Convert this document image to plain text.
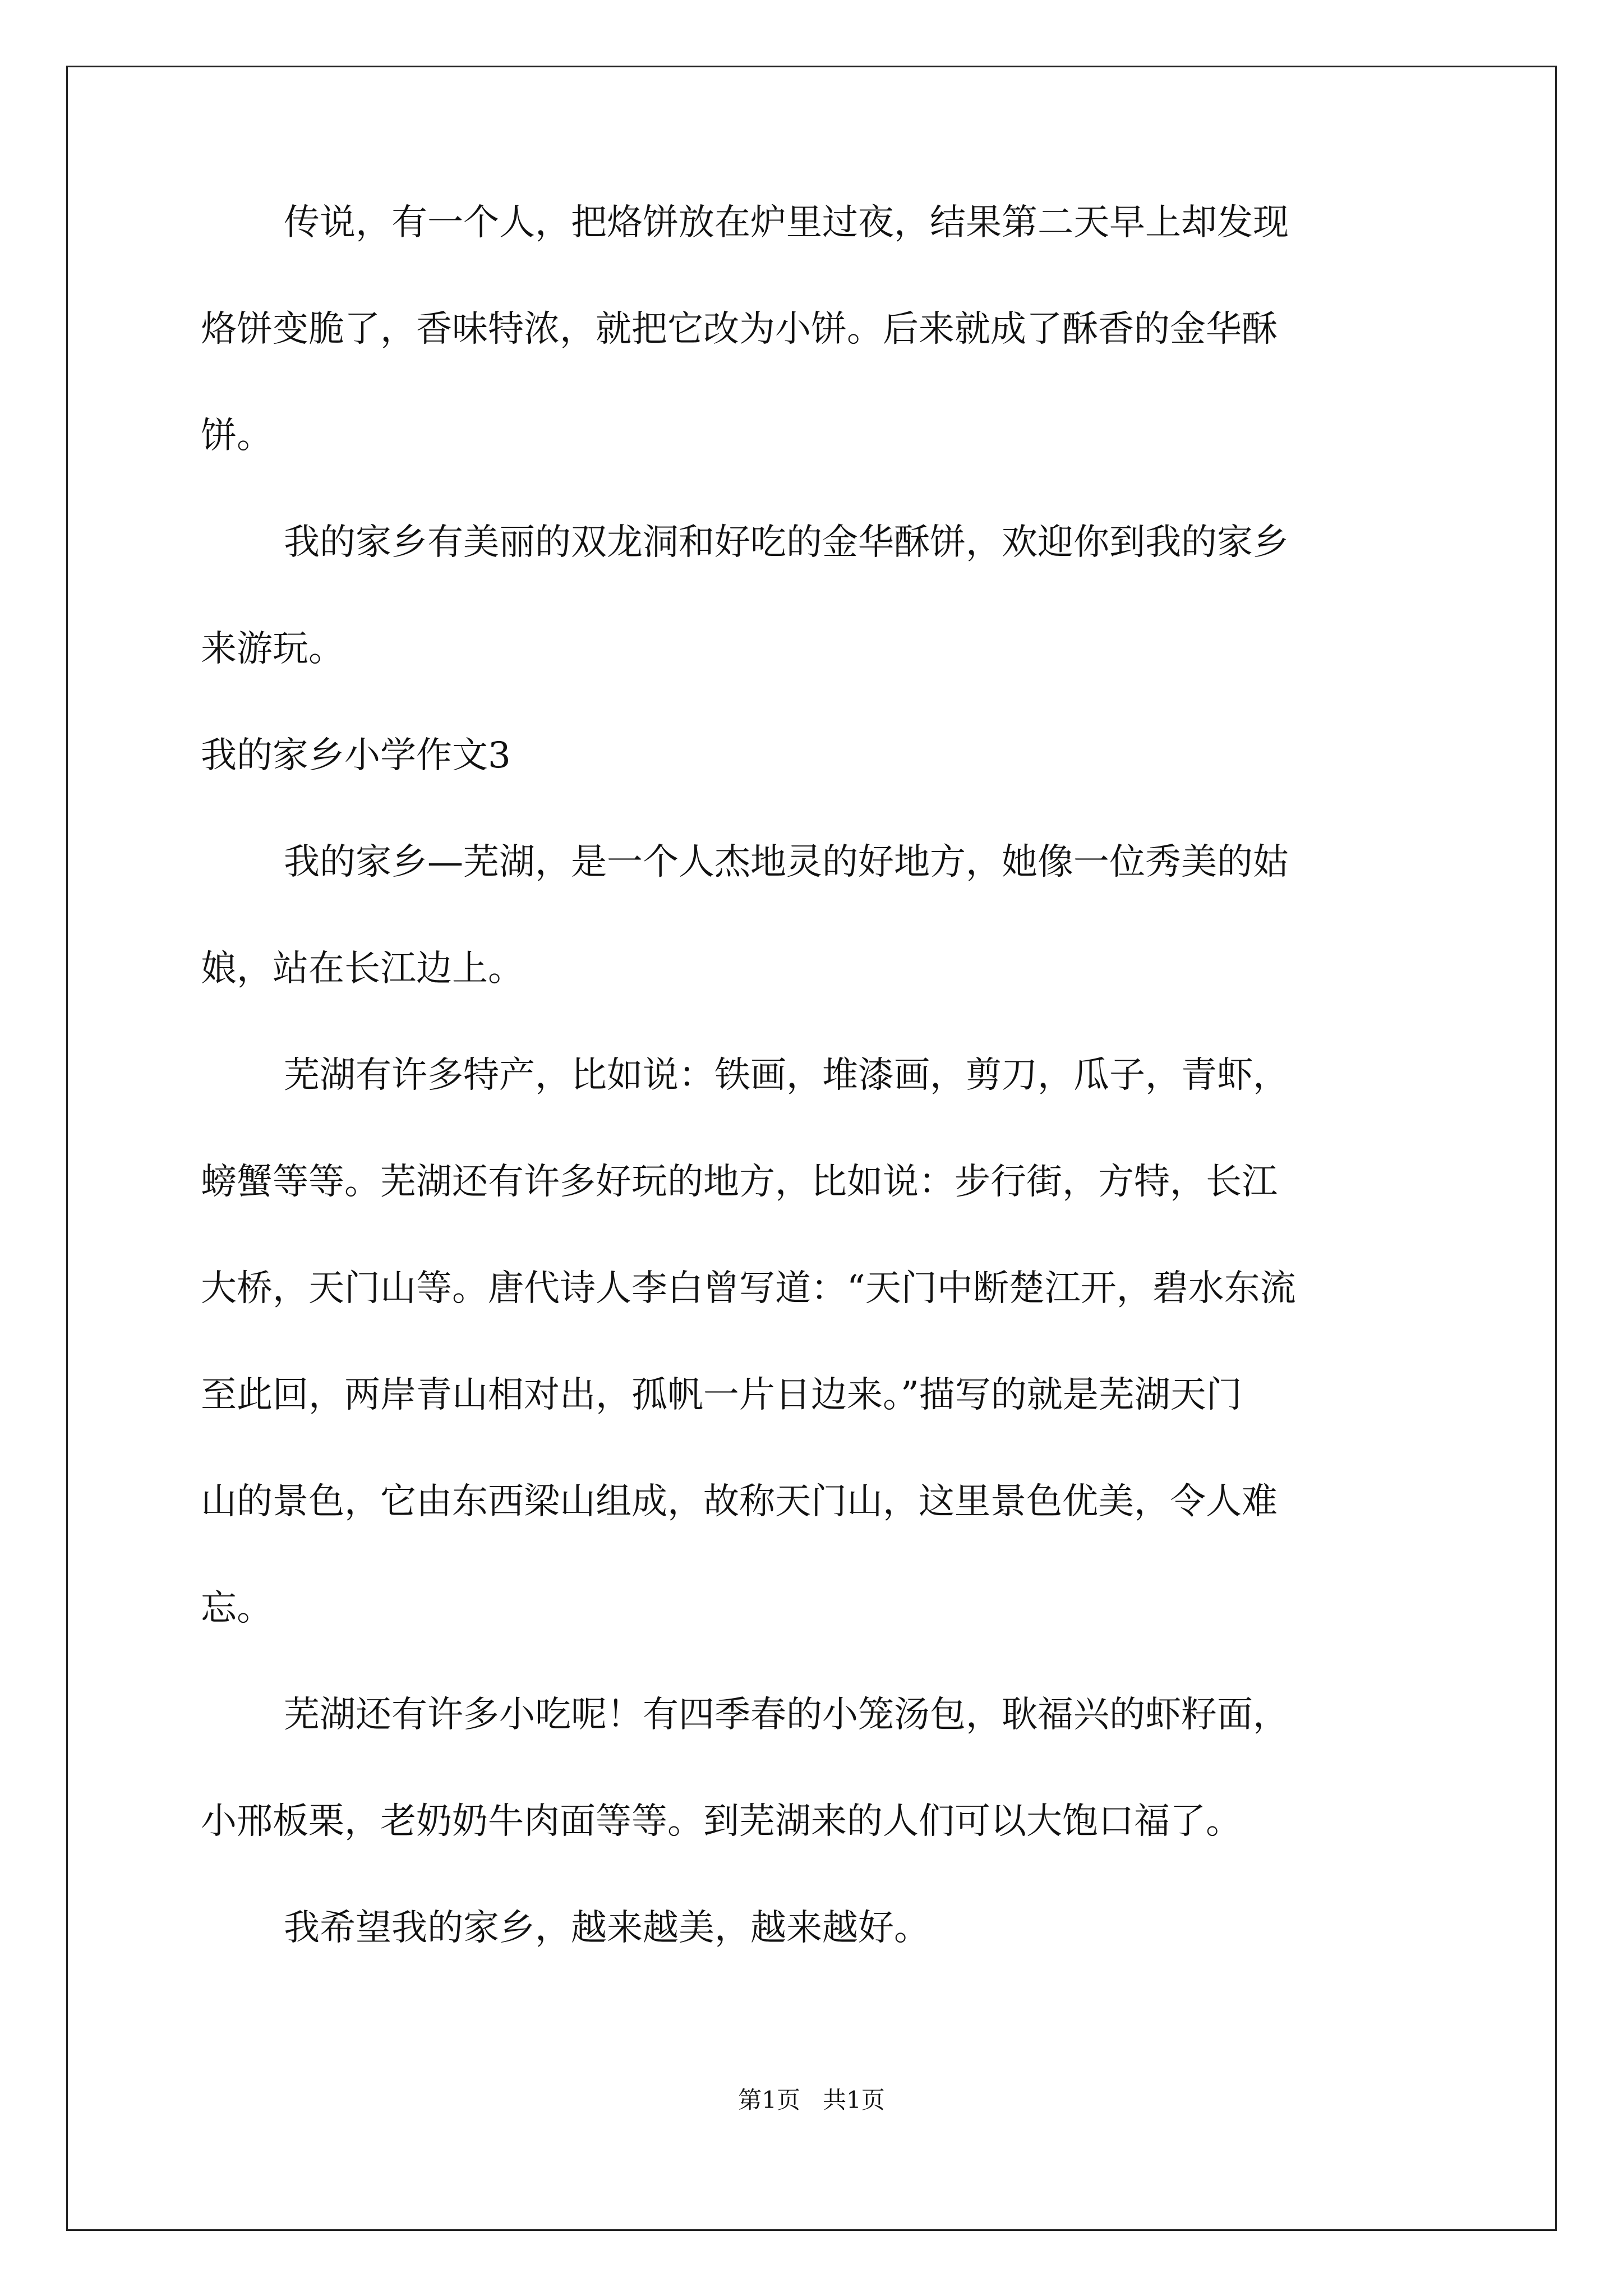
传说，有一个人，把烙饼放在炉里过夜，结果第二天早上却发现
烙饼变脆了，香味特浓，就把它改为小饼。后来就成了酥香的金华酥
饼。
我的家乡有美丽的双龙洞和好吃的金华酥饼，欢迎你到我的家乡
来游玩。
我的家乡小学作文3
我的家乡—芜湖，是一个人杰地灵的好地方，她像一位秀美的姑
娘，站在长江边上。
芜湖有许多特产，比如说：铁画，堆漆画，剪刀，瓜子，青虾，
螃蟹等等。芜湖还有许多好玩的地方，比如说：步行街，方特，长江
大桥，天门山等。唐代诗人李白曾写道：“天门中断楚江开，碧水东流
至此回，两岸青山相对出，孤帆一片日边来。”描写的就是芜湖天门
山的景色，它由东西梁山组成，故称天门山，这里景色优美，令人难
忘。
芜湖还有许多小吃呢！有四季春的小笼汤包，耿福兴的虾籽面，
小邢板栗，老奶奶牛肉面等等。到芜湖来的人们可以大饱口福了。
我希望我的家乡，越来越美，越来越好。
第1页 共1页
